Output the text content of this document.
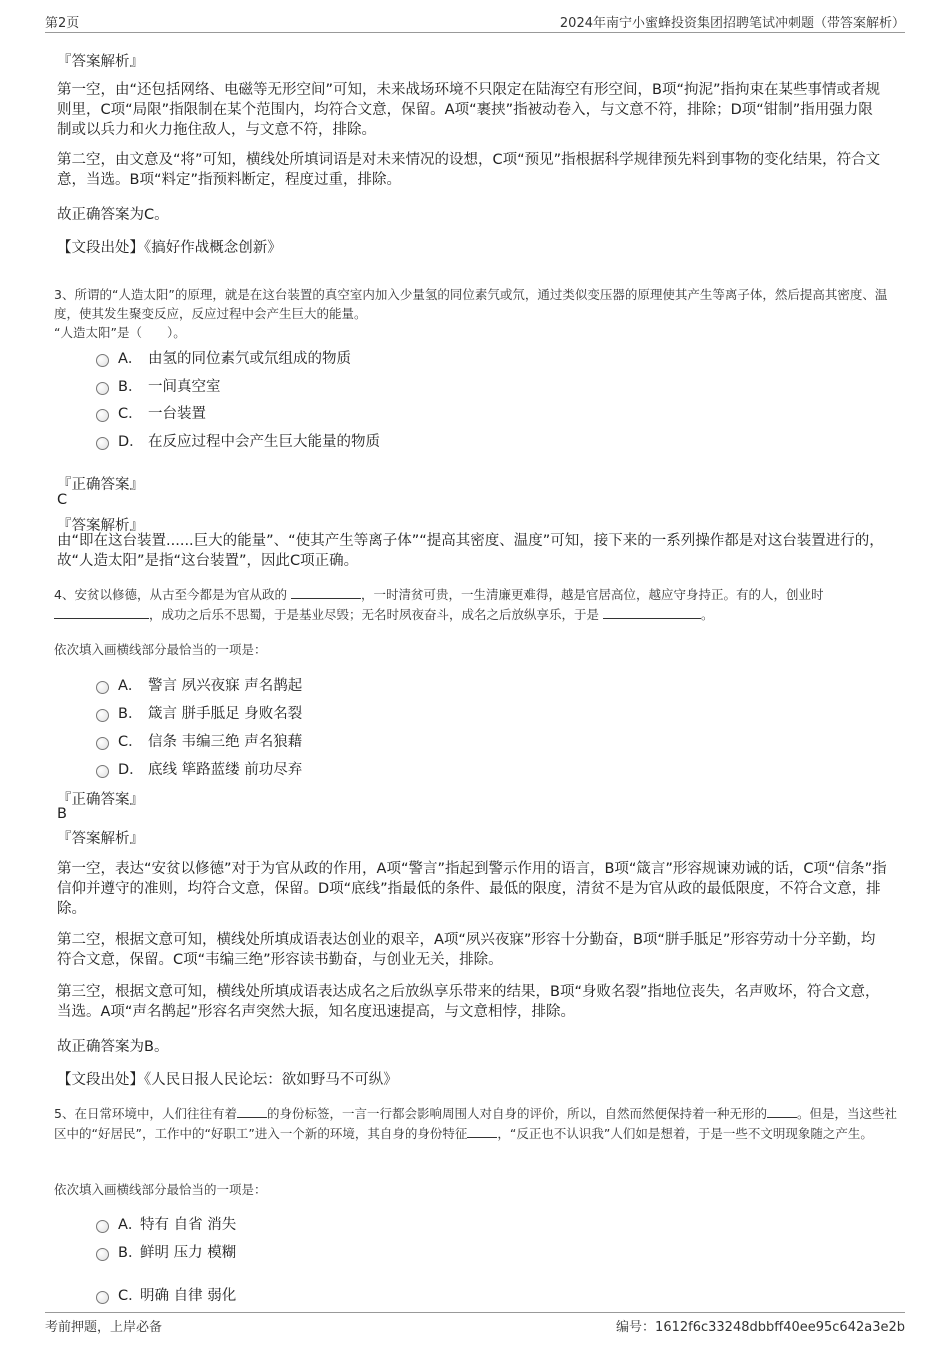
第2页	2024年南宁小蜜蜂投资集团招聘笔试冲刺题（带答案解析）
『答案解析』
第一空，由“还包括网络、电磁等无形空间”可知，未来战场环境不只限定在陆海空有形空间，B项“拘泥”指拘束在某些事情或者规则里，C项“局限”指限制在某个范围内，均符合文意，保留。A项“裹挟”指被动卷入，与文意不符，排除；D项“钳制”指用强力限制或以兵力和火力拖住敌人，与文意不符，排除。
第二空，由文意及“将”可知，横线处所填词语是对未来情况的设想，C项“预见”指根据科学规律预先料到事物的变化结果，符合文意，当选。B项“料定”指预料断定，程度过重，排除。
故正确答案为C。
【文段出处】《搞好作战概念创新》
3、所谓的“人造太阳”的原理，就是在这台装置的真空室内加入少量氢的同位素氕或氘，通过类似变压器的原理使其产生等离子体，然后提高其密度、温度，使其发生聚变反应，反应过程中会产生巨大的能量。
“人造太阳”是（　　）。
A． 由氢的同位素氕或氘组成的物质
B． 一间真空室
C． 一台装置
D． 在反应过程中会产生巨大能量的物质
『正确答案』
C
『答案解析』
由“即在这台装置......巨大的能量”、“使其产生等离子体”“提高其密度、温度”可知，接下来的一系列操作都是对这台装置进行的，故“人造太阳”是指“这台装置”，因此C项正确。
4、安贫以修德，从古至今都是为官从政的	，一时清贫可贵，一生清廉更难得，越是官居高位，越应守身持正。有的人，创业时，成功之后乐不思蜀，于是基业尽毁；无名时夙夜奋斗，成名之后放纵享乐，于是	。
依次填入画横线部分最恰当的一项是：
A． 警言 夙兴夜寐 声名鹊起
B． 箴言 胼手胝足 身败名裂
C． 信条 韦编三绝 声名狼藉
D． 底线 筚路蓝缕 前功尽弃
『正确答案』
B
『答案解析』
第一空，表达“安贫以修德”对于为官从政的作用，A项“警言”指起到警示作用的语言，B项“箴言”形容规谏劝诫的话，C项“信条”指信仰并遵守的准则，均符合文意，保留。D项“底线”指最低的条件、最低的限度，清贫不是为官从政的最低限度，不符合文意，排除。
第二空，根据文意可知，横线处所填成语表达创业的艰辛，A项“夙兴夜寐”形容十分勤奋，B项“胼手胝足”形容劳动十分辛勤，均符合文意，保留。C项“韦编三绝”形容读书勤奋，与创业无关，排除。
第三空，根据文意可知，横线处所填成语表达成名之后放纵享乐带来的结果，B项“身败名裂”指地位丧失，名声败坏，符合文意，当选。A项“声名鹊起”形容名声突然大振，知名度迅速提高，与文意相悖，排除。
故正确答案为B。
【文段出处】《人民日报人民论坛：欲如野马不可纵》
5、在日常环境中，人们往往有着 的身份标签，一言一行都会影响周围人对自身的评价，所以，自然而然便保持着一种无形的 。但是，当这些社区中的“好居民”，工作中的“好职工”进入一个新的环境，其自身的身份特征 ，“反正也不认识我”人们如是想着，于是一些不文明现象随之产生。
依次填入画横线部分最恰当的一项是：
A．
特有 自省 消失
B．
鲜明 压力 模糊
C．
明确 自律 弱化
考前押题，上岸必备	编号：1612f6c33248dbbff40ee95c642a3e2b
